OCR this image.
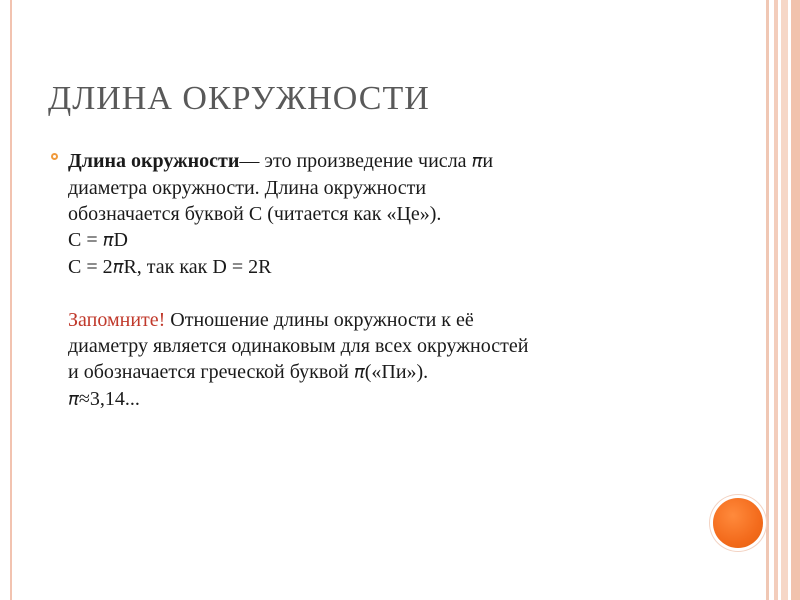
ДЛИНА ОКРУЖНОСТИ
Длина окружности— это произведение числа πи
диаметра окружности. Длина окружности
обозначается буквой С (читается как «Це»).
С = πD
С = 2πR, так как D = 2R
Запомните! Отношение длины окружности к её
диаметру является одинаковым для всех окружностей
и обозначается греческой буквой π(«Пи»).
π≈3,14...
